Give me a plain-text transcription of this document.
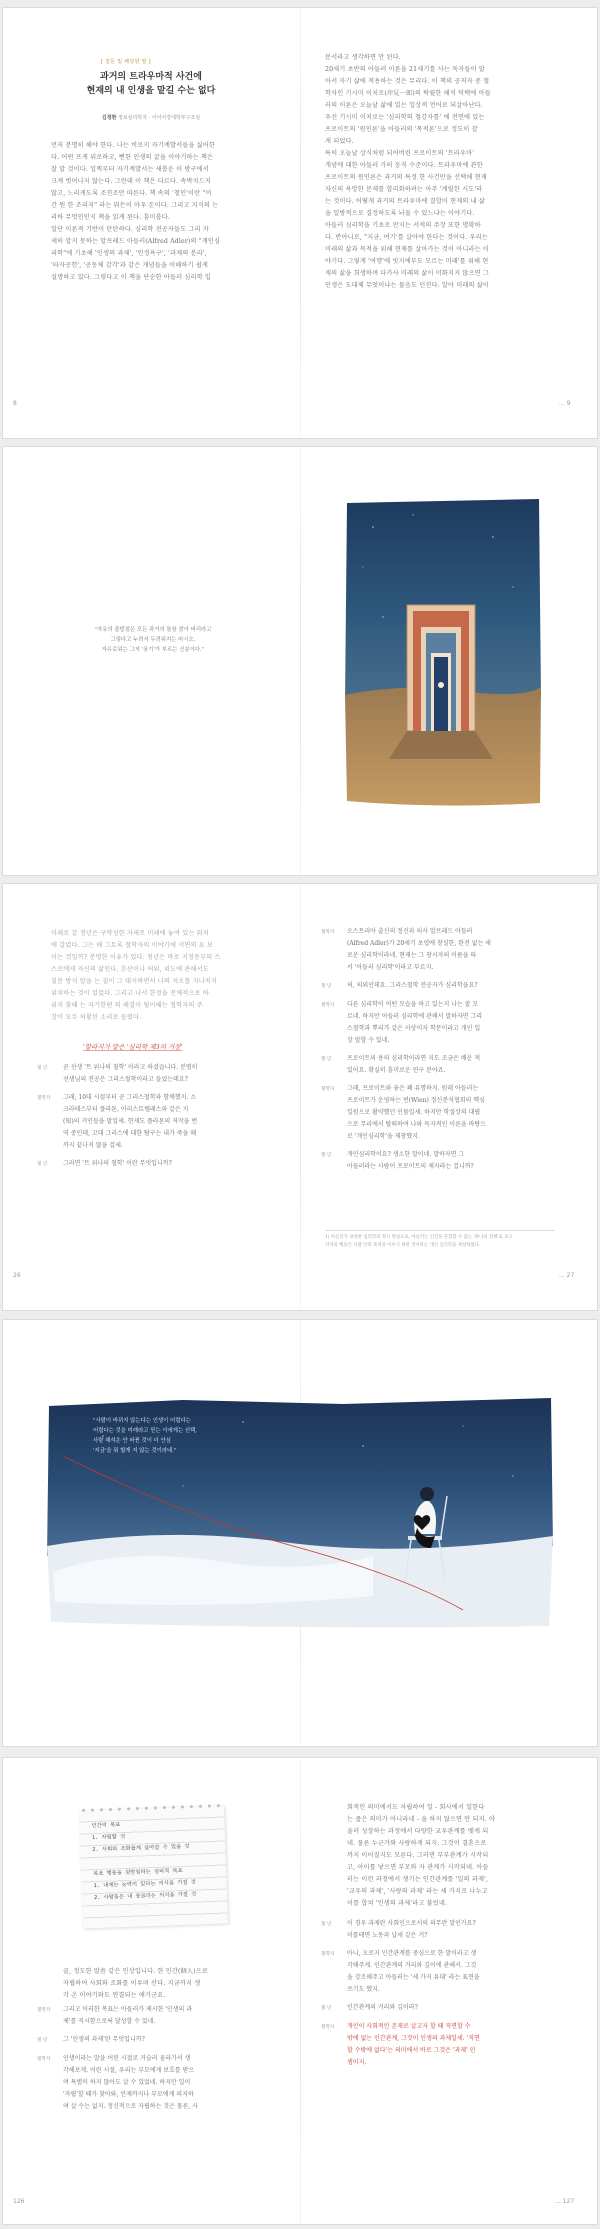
[ 질문 및 해당된 말 ]
과거의 트라우마적 사건에
현재의 내 인생을 맡길 수는 없다
김정환 정보심리학자 · 어어서강대학부구조섬
먼저 분명히 해야 한다. 나는 비로지 자기계발서들을 싫어한
다. 어떤 프게 위로하고, 뻔한 인생의 굴을 이야기하는 책은
잘 알 것이다. 일찍부터 자기계발서는 새롭운 이 방구에서
크게 벗어나지 않는다. 그런데 이 책은 다르다. 속박지드지
않고, 느리게도록 조진조만 따른다. 책 속의 '철인'이란 "이
간 뭔 한 조리지" 라는 뭐든이 아우 돈이다. 그리고 지식의 는
리하 무엇인인지 책을 읽게 된다. 흥미롭다.
일단 이론적 기반이 탄탄하다. 심리학 전공자들도 그리 자
세히 알지 못하는 알프레드 아들러(Alfred Adler)의 "개인심
리학"에 기초해 '인생의 과제', '인정욕구', '과제의 분리',
'타자공헌', '공동체 감각'과 같은 개념들을 이해하기 쉽게
설명하고 있다. 그렇다고 이 책을 단순한 아들러 심리학 입
8
문서라고 생각하면 안 된다.
20세기 초반의 아들러 이론을 21세기를 사는 독자들이 알
아서 자기 삶에 적용하는 것은 무리다. 이 책의 공저자 중 철
학자인 기시미 이치로(岸見一郎)의 탁월한 해석 덕택에 아들
러의 이론은 오늘날 삶에 있는 일상적 언어로 되살아난다.
우선 기시미 이치로는 '심리학의 철강자를' 에 전면에 있는
프로이트의 '원인론'을 아들러의 '목적론'으로 정도히 잡
게 되었다.
특히 오늘날 상식처럼 되어버린 프로이트의 '트라우마'
개념에 대한 아들러 가히 둥직 수준이다. 트라우마에 관한
프로이트의 원인론은 과거의 특정 한 사건만을 선택해 현재
자신의 욕망한 문제를 합리화하려는 아주 '게릴한 시도'라
는 것이다. 어떻게 과거의 트라우마에 결합이 현재의 내 삶
을 일방적으로 결정하도록 놔둘 수 있느냐는 이야기다.
아들러 심리학을 기초로 만지는 서적의 주장 또한 명확하
다. 반아니로, "지금, 여기'를 살아야 한다는 것이다. 우리는
미래의 삶과 목적을 위해 현재를 살아가는 것이 아니라는 이
야기다. 그렇게 '여행'에 빗지에부도 모르는 미래'를 위해 현
재의 삶을 희생하며 다가사 미래의 삶이 미화지지 않으면 그
인생은 도대체 무엇이냐는 물음도 던진다. 알아 미래의 삶이
... 9
"자유의 출발점은 모든 과거의 돌창 찾아 버리라고
그렇다고 누려서 두려워지는 마시오.
자유로워는 그저 '용기'가 부르는 신분이다."
미래로 갈 정년은 구약성한 자세로 미래에 놓여 있는 뭐처
에 갈였다. 그는 해 그토록 철학자의 이야기에 지면의 요 보
이는 것일까? 분명한 이유가 있다. 청년은 바로 지정동부의 스
스로에게 자신의 삶인다. 흔산이나 허위, 위도에 관해서도
질문 방식 알을 는 질이 그 대지하면서 나의 지오를 지나치지
위치하는 것이 있었다. 그리고 나서 한정을 전체적으로 하
위치 찾해 는 자기한편 의 해결이 될이해는 철학자의 주
장이 모두 허황된 소리로 들렸다.
'할라지가 말은 '심리학 제3의 거장'
철 년	곧 선생 '트 위나의 철학' 이라고 하셨습니다. 분명히
선생님의 전공은 그리스철학이라고 들었는데요?
철학자	그래, 10대 시절부터 곧 그리스철학과 함께했지. 소
크라테스부터 플라톤, 아리스토텔레스와 같은 지
(知)의 거인들을 말일세. 현재도 플라톤의 저작을 번
역 중인데, 고대 그리스에 대한 탐구는 내가 죽을 때
까지 끝나지 않을 걸세.
철 년	그러면 '트 위나의 철학' 이란 무엇입니까?
26
철학자	오스트리아 출신의 정신과 의사 알프레드 아들러
(Alfred Adler)가 20세기 초엽에 창설한, 완전 없는 새
로운 심리학이라네. 현재는 그 창시자의 이름을 따
서 '아들러 심리학'이라고 부르지.
철 년	허, 의외인데요. 그리스철학 전공자가 심리학을요?
철학자	다른 심리학이 어떤 모습을 하고 있는지 나는 잘 모
르네. 하지만 아들러 심리학에 관해서 말하자면 그리
스철학과 뿌리가 같은 사상이자 학문이라고 개인 입
장 말할 수 있네.
철 년	프로이트의 용의 심리학이라면 지도 조금은 배운 적
있어요. 확실히 흥미로운 연구 분야죠.
철학자	그래, 프로이트와 융은 꽤 유명하지. 원래 아들러는
프로이트가 운영하는 빈(Wien) 정신분석협회의 핵심
일원으로 활약했던 인물일세. 하지만 학설상의 대립
으로 무리에서 탈퇴하여 나와 독자적인 이론을 바탕으
로 '개인심리학'을 제창했지.
철 년	개인심리학이요? 생소한 말이네. 말하자면 그
아들러라는 사람이 프로이트의 제자라는 겁니까?
1) 아들러가 창설한 심리학의 정식 명칭으로, 아들러는 인간을 분할할 수 없는 '하나의 전체'로 보고
각자의 행동은 사람 안의 목적을 이루기 위한 것이라는 개인 심리학을 제창하였다.
... 27
"사람이 바뀌지 않는다는 인생이 어렵다는
어렵다는 것을 미래라고 믿는 이에게는 선택,
사람 해석은 안 바뀐 것이 더 안심
'지금'을 뭐 할게 지 않는 것이라네."
인간의 목표
1. 자립할 것
2. 사회와 조화롭게 살아갈 수 있을 것

목표 행동을 뒷받침하는 심리적 목표
1. 내게는 능력이 있다는 의식을 가질 것
2. 사람들은 내 동료라는 의식을 가질 것
골, 정도한 말씀 같은 인상입니다. 한 인간(個人)으로
자립하여 사회와 조화를 이루며 산다. 지금까지 생
각 온 이야기와도 연결되는 얘기군요.
철학자	그리고 이러한 목표는 아들러가 제시한 '인생의 과
제'를 직시함으로써 달성할 수 있네.
철 년	그 '인생의 과제'란 무엇입니까?
철학자	인생이라는 말을 어린 시절로 거슬러 올라가서 생
각해보게. 어린 시절, 우리는 부모에게 보호를 받으
며 특별히 하지 않아도 살 수 있었네. 하지만 일이
'자립'할 때가 찾아와, 언제까지나 부모에게 의지하
며 살 수는 없지. 정신적으로 자립하는 것은 물론, 사
126
회적인 의미에서도 자립하여 일 - 회사에서 일한다
는 좁은 의미가 아니라네 - 을 하지 않으면 안 되지. 아
울러 성장하는 과정에서 다양한 교우관계를 맺게 되
네. 물론 누군가와 사랑하게 되지. 그것이 결혼으로
까지 이어질지도 모른다. 그러면 부부관계가 시작되
고, 아이를 낳으면 부모와 자 관계가 시작되네. 아들
러는 이런 과정에서 생기는 인간관계를 '일의 과제',
'교우의 과제', '사랑의 과제' 라는 세 가지로 나누고
이를 합쳐 '인생의 과제'라고 불렀네.
철 년	이 경우 과제란 사회인으로서의 의무란 말인가요?
이를테면 노동과 납세 같은 거?
철학자	아니, 오로지 인간관계를 중심으로 한 말이라고 생
각해주게. 인간관계의 거리와 깊이에 관해서. 그것
을 강조해주고 아들러는 '세 가지 유대' 라는 표현을
쓰기도 했지.
철 년	인간관계의 거리와 깊이라?
철학자	개인이 사회적인 존재로 살고자 할 때 직면할 수
밖에 없는 인간관계, 그것이 인생의 과제일세. '직면
할 수밖에 없다'는 의미에서 바로 그것은 '과제' 인
셈이지.
... 127
